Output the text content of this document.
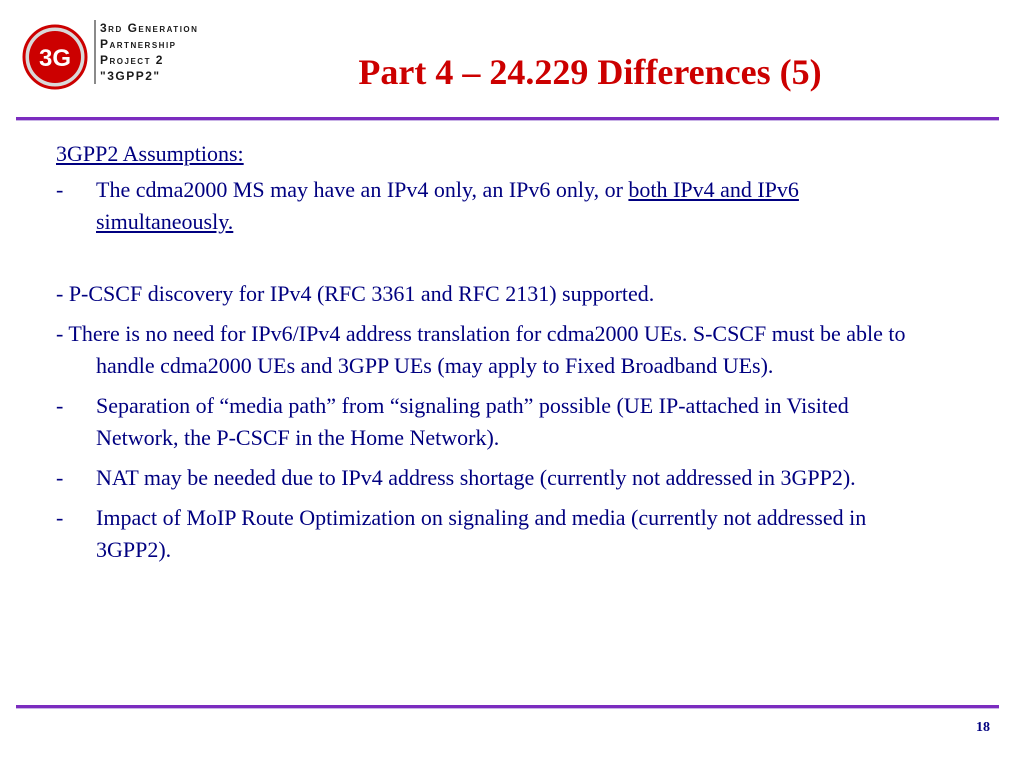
3G
3rd Generation
Partnership
Project 2
"3GPP2"	Part 4 – 24.229 Differences (5)
3GPP2 Assumptions:
- The cdma2000 MS may have an IPv4 only, an IPv6 only, or both IPv4 and IPv6 simultaneously.
- P-CSCF discovery for IPv4 (RFC 3361 and RFC 2131) supported.
- There is no need for IPv6/IPv4 address translation for cdma2000 UEs. S-CSCF must be able to handle cdma2000 UEs and 3GPP UEs (may apply to Fixed Broadband UEs).
- Separation of “media path” from “signaling path” possible (UE IP-attached in Visited Network, the P-CSCF in the Home Network).
- NAT may be needed due to IPv4 address shortage (currently not addressed in 3GPP2).
- Impact of MoIP Route Optimization on signaling and media (currently not addressed in 3GPP2).
18
